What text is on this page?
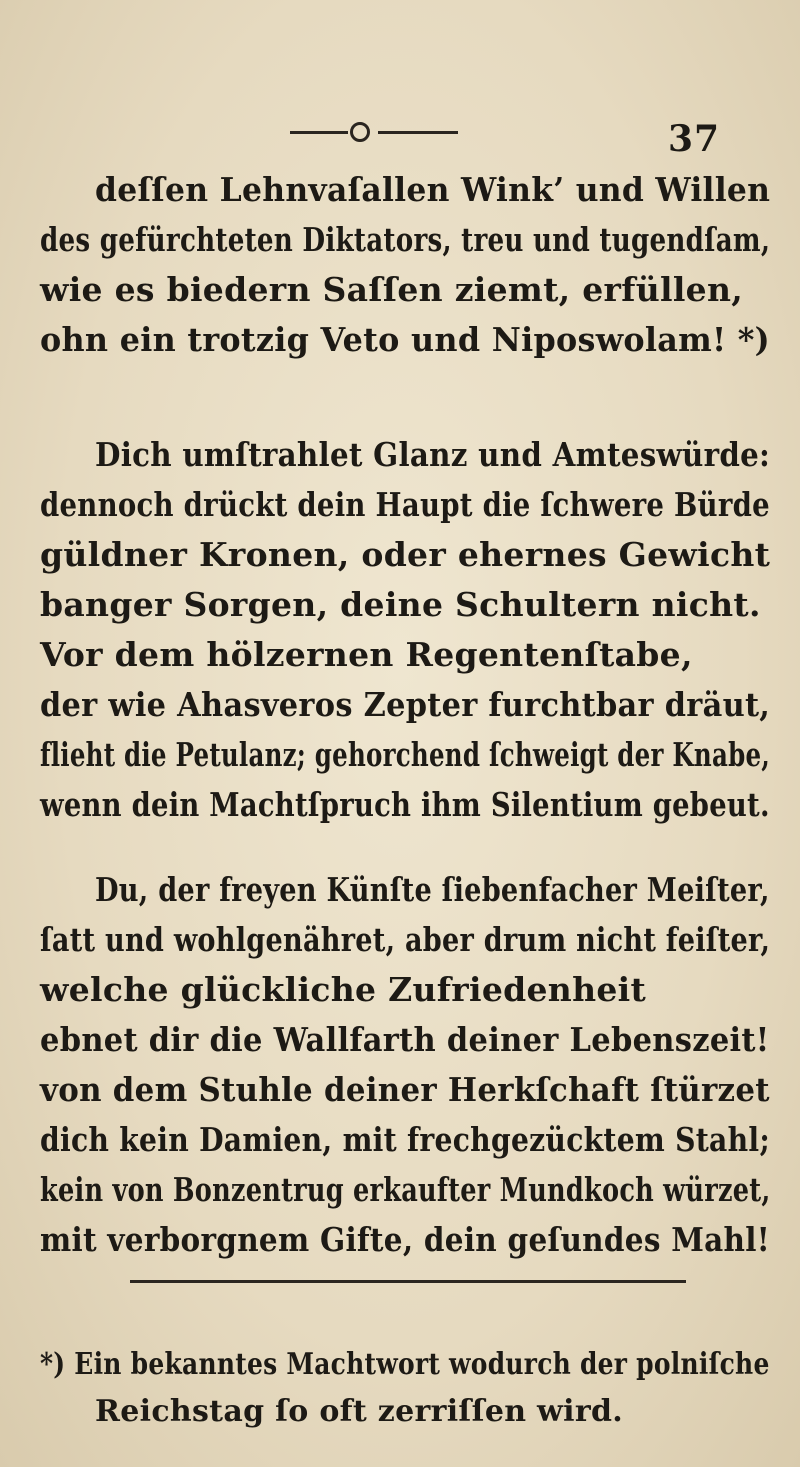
37
deſſen Lehnvaſallen Wink’ und Willen
des gefürchteten Diktators, treu und tugendſam,
wie es biedern Saſſen ziemt, erfüllen,
ohn ein trotzig Veto und Niposwolam! *)
Dich umſtrahlet Glanz und Amteswürde:
dennoch drückt dein Haupt die ſchwere Bürde
güldner Kronen, oder ehernes Gewicht
banger Sorgen, deine Schultern nicht.
Vor dem hölzernen Regentenſtabe,
der wie Ahasveros Zepter furchtbar dräut,
flieht die Petulanz; gehorchend ſchweigt der Knabe,
wenn dein Machtſpruch ihm Silentium gebeut.
Du, der freyen Künſte ſiebenfacher Meiſter,
ſatt und wohlgenähret, aber drum nicht feiſter,
welche glückliche Zufriedenheit
ebnet dir die Wallfarth deiner Lebenszeit!
von dem Stuhle deiner Herkſchaft ſtürzet
dich kein Damien, mit frechgezücktem Stahl;
kein von Bonzentrug erkaufter Mundkoch würzet,
mit verborgnem Gifte, dein geſundes Mahl!
*) Ein bekanntes Machtwort wodurch der polniſche
Reichstag ſo oft zerriſſen wird.
